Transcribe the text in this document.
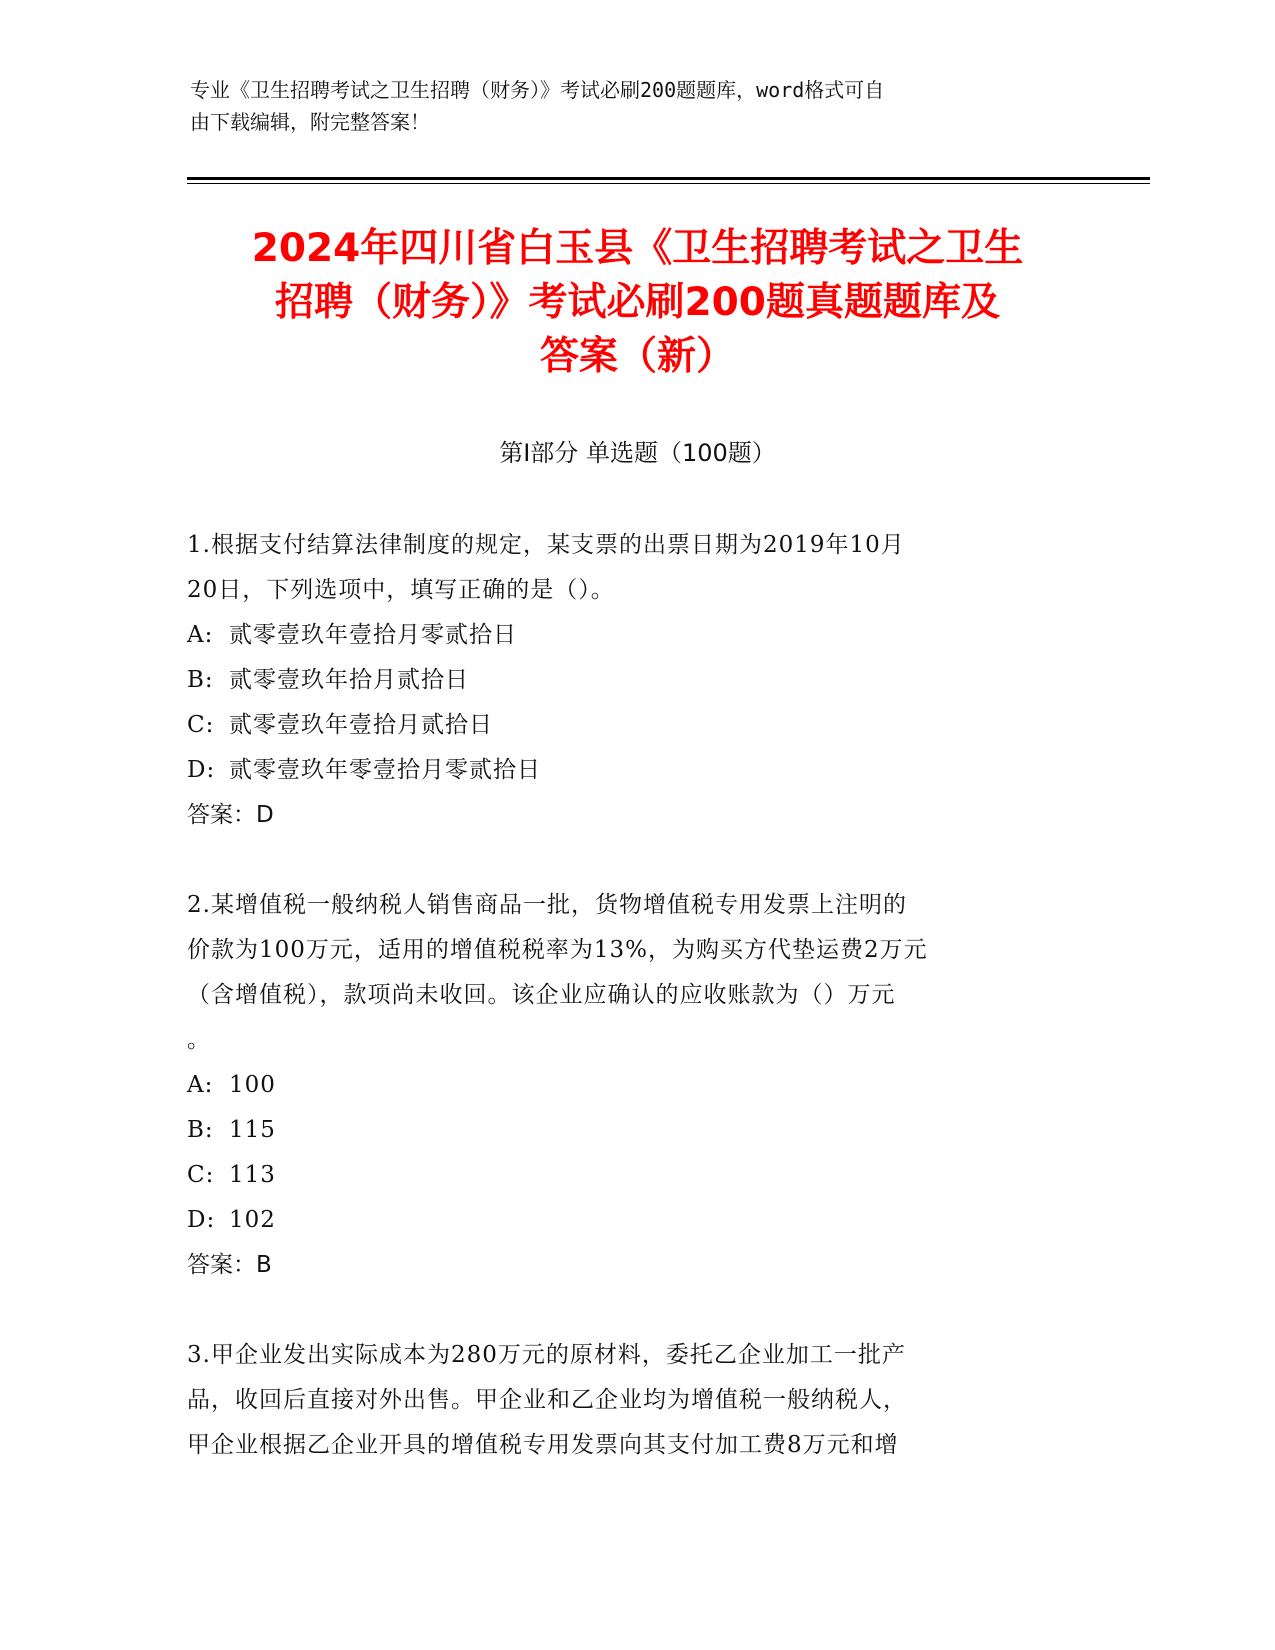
专业《卫生招聘考试之卫生招聘（财务）》考试必刷200题题库，word格式可自
由下载编辑，附完整答案！
2024年四川省白玉县《卫生招聘考试之卫生
招聘（财务）》考试必刷200题真题题库及
答案（新）
第Ⅰ部分 单选题（100题）

1.根据支付结算法律制度的规定，某支票的出票日期为2019年10月

20日，下列选项中，填写正确的是（）。

A: 贰零壹玖年壹拾月零贰拾日

B: 贰零壹玖年拾月贰拾日

C: 贰零壹玖年壹拾月贰拾日

D: 贰零壹玖年零壹拾月零贰拾日

答案：D

2.某增值税一般纳税人销售商品一批，货物增值税专用发票上注明的

价款为100万元，适用的增值税税率为13%，为购买方代垫运费2万元

（含增值税），款项尚未收回。该企业应确认的应收账款为（）万元

。

A: 100

B: 115

C: 113

D: 102

答案：B

3.甲企业发出实际成本为280万元的原材料，委托乙企业加工一批产

品，收回后直接对外出售。甲企业和乙企业均为增值税一般纳税人，

甲企业根据乙企业开具的增值税专用发票向其支付加工费8万元和增
